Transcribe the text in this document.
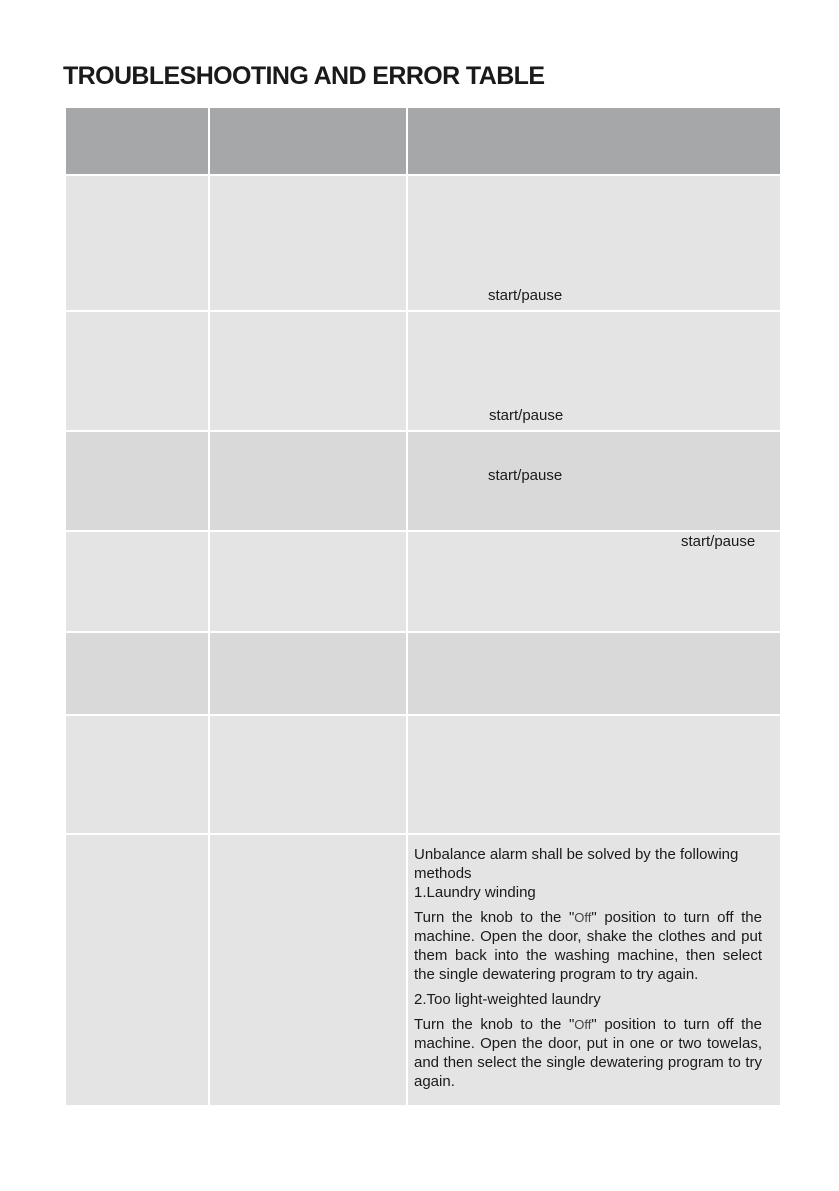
TROUBLESHOOTING AND ERROR TABLE

		start/pause

		start/pause

		start/pause

		start/pause

		Unbalance alarm shall be solved by the following methods

1.Laundry winding

Turn the knob to the "Off" position to turn off the machine. Open the door, shake the clothes and put them back into the washing machine, then select the single dewatering program to try again.

2.Too light-weighted laundry

Turn the knob to the "Off" position to turn off the machine. Open the door, put in one or two towelas, and then select the single dewatering program to try again.
